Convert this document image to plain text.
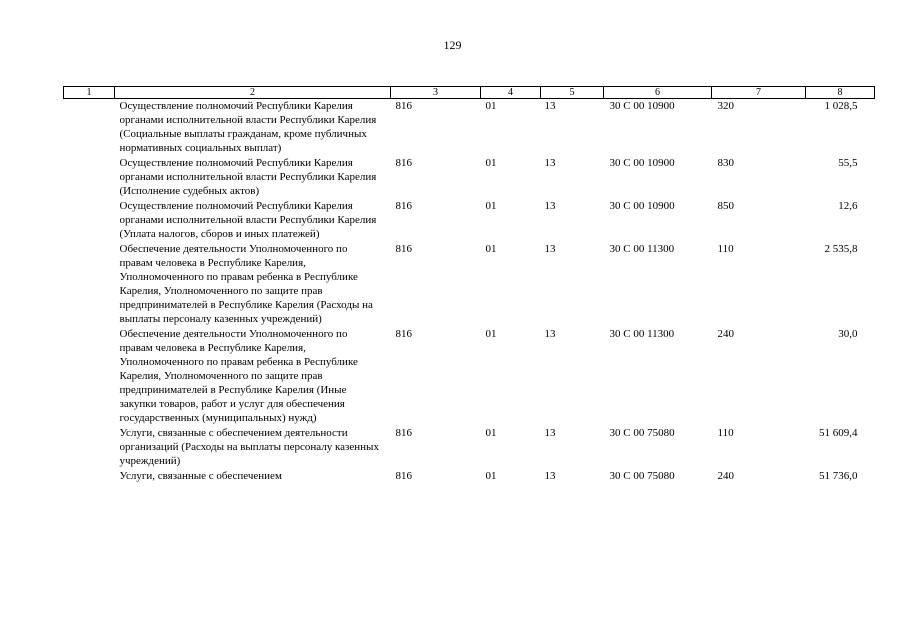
129
1	2	3	4	5	6	7	8
	Осуществление полномочий Республики Карелия органами исполнительной власти Республики Карелия (Социальные выплаты гражданам, кроме публичных нормативных социальных выплат)	816	01	13	30 С 00 10900	320	1 028,5
	Осуществление полномочий Республики Карелия органами исполнительной власти Республики Карелия (Исполнение судебных актов)	816	01	13	30 С 00 10900	830	55,5
	Осуществление полномочий Республики Карелия органами исполнительной власти Республики Карелия (Уплата налогов, сборов и иных платежей)	816	01	13	30 С 00 10900	850	12,6
	Обеспечение деятельности Уполномоченного по правам человека в Республике Карелия, Уполномоченного по правам ребенка в Республике Карелия, Уполномоченного по защите прав предпринимателей в Республике Карелия (Расходы на выплаты персоналу казенных учреждений)	816	01	13	30 С 00 11300	110	2 535,8
	Обеспечение деятельности Уполномоченного по правам человека в Республике Карелия, Уполномоченного по правам ребенка в Республике Карелия, Уполномоченного по защите прав предпринимателей в Республике Карелия (Иные закупки товаров, работ и услуг для обеспечения государственных (муниципальных) нужд)	816	01	13	30 С 00 11300	240	30,0
	Услуги, связанные с обеспечением деятельности организаций (Расходы на выплаты персоналу казенных учреждений)	816	01	13	30 С 00 75080	110	51 609,4
	Услуги, связанные с обеспечением	816	01	13	30 С 00 75080	240	51 736,0
